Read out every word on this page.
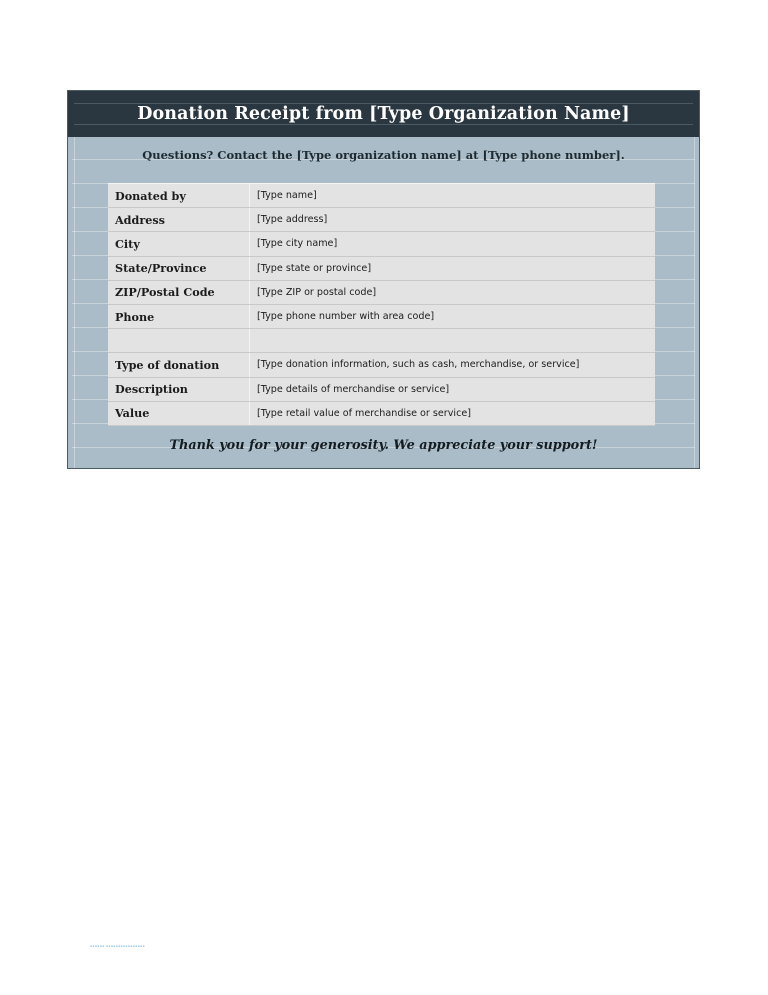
Donation Receipt from [Type Organization Name]
Questions? Contact the [Type organization name] at [Type phone number].
Donated by	[Type name]
Address	[Type address]
City	[Type city name]
State/Province	[Type state or province]
ZIP/Postal Code	[Type ZIP or postal code]
Phone	[Type phone number with area code]

Type of donation	[Type donation information, such as cash, merchandise, or service]
Description	[Type details of merchandise or service]
Value	[Type retail value of merchandise or service]
Thank you for your generosity. We appreciate your support!
▪▪▪▪▪▪ ▪▪▪▪▪▪▪▪▪▪▪▪▪▪▪▪
